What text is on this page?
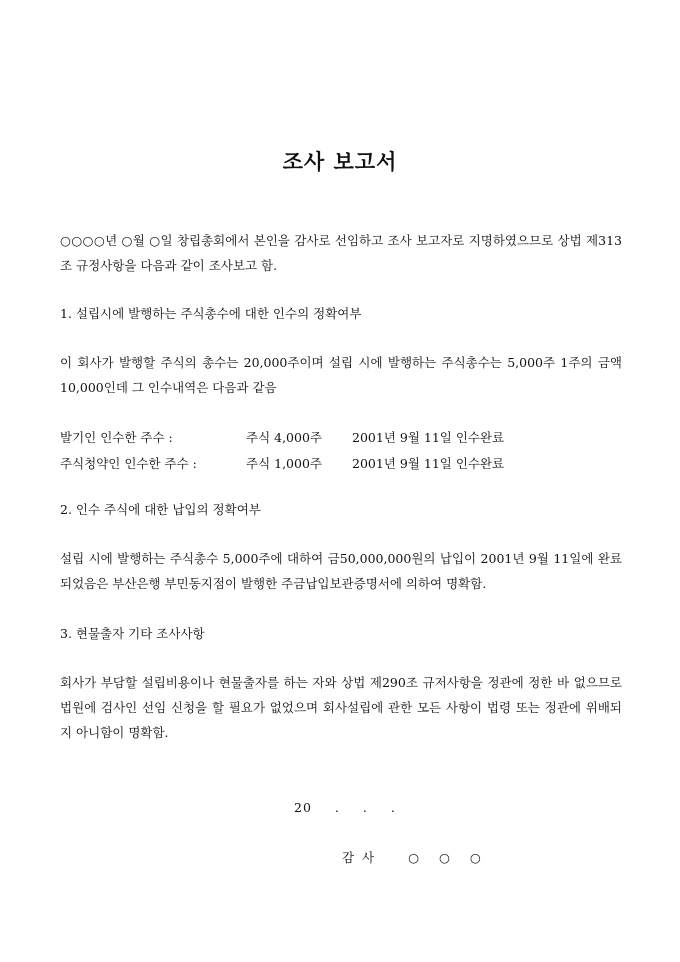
조사 보고서

○○○○년 ○월 ○일 창립총회에서 본인을 감사로 선임하고 조사 보고자로 지명하였으므로 상법 제313조 규정사항을 다음과 같이 조사보고 함.

1. 설립시에 발행하는 주식총수에 대한 인수의 정확여부

이 회사가 발행할 주식의 총수는 20,000주이며 설립 시에 발행하는 주식총수는 5,000주 1주의 금액10,000인데 그 인수내역은 다음과 같음

발기인 인수한 주수 :	주식 4,000주 2001년 9월 11일 인수완료
주식청약인 인수한 주수 :	주식 1,000주 2001년 9월 11일 인수완료

2. 인수 주식에 대한 납입의 정확여부

설립 시에 발행하는 주식총수 5,000주에 대하여 금50,000,000원의 납입이 2001년 9월 11일에 완료되었음은 부산은행 부민동지점이 발행한 주금납입보관증명서에 의하여 명확함.

3. 현물출자 기타 조사사항

회사가 부담할 설립비용이나 현물출자를 하는 자와 상법 제290조 규저사항을 정관에 정한 바 없으므로 법원에 검사인 선임 신청을 할 필요가 없었으며 회사설립에 관한 모든 사항이 법령 또는 정관에 위배되지 아니함이 명확함.

20 . . .
감 사	○ ○ ○
